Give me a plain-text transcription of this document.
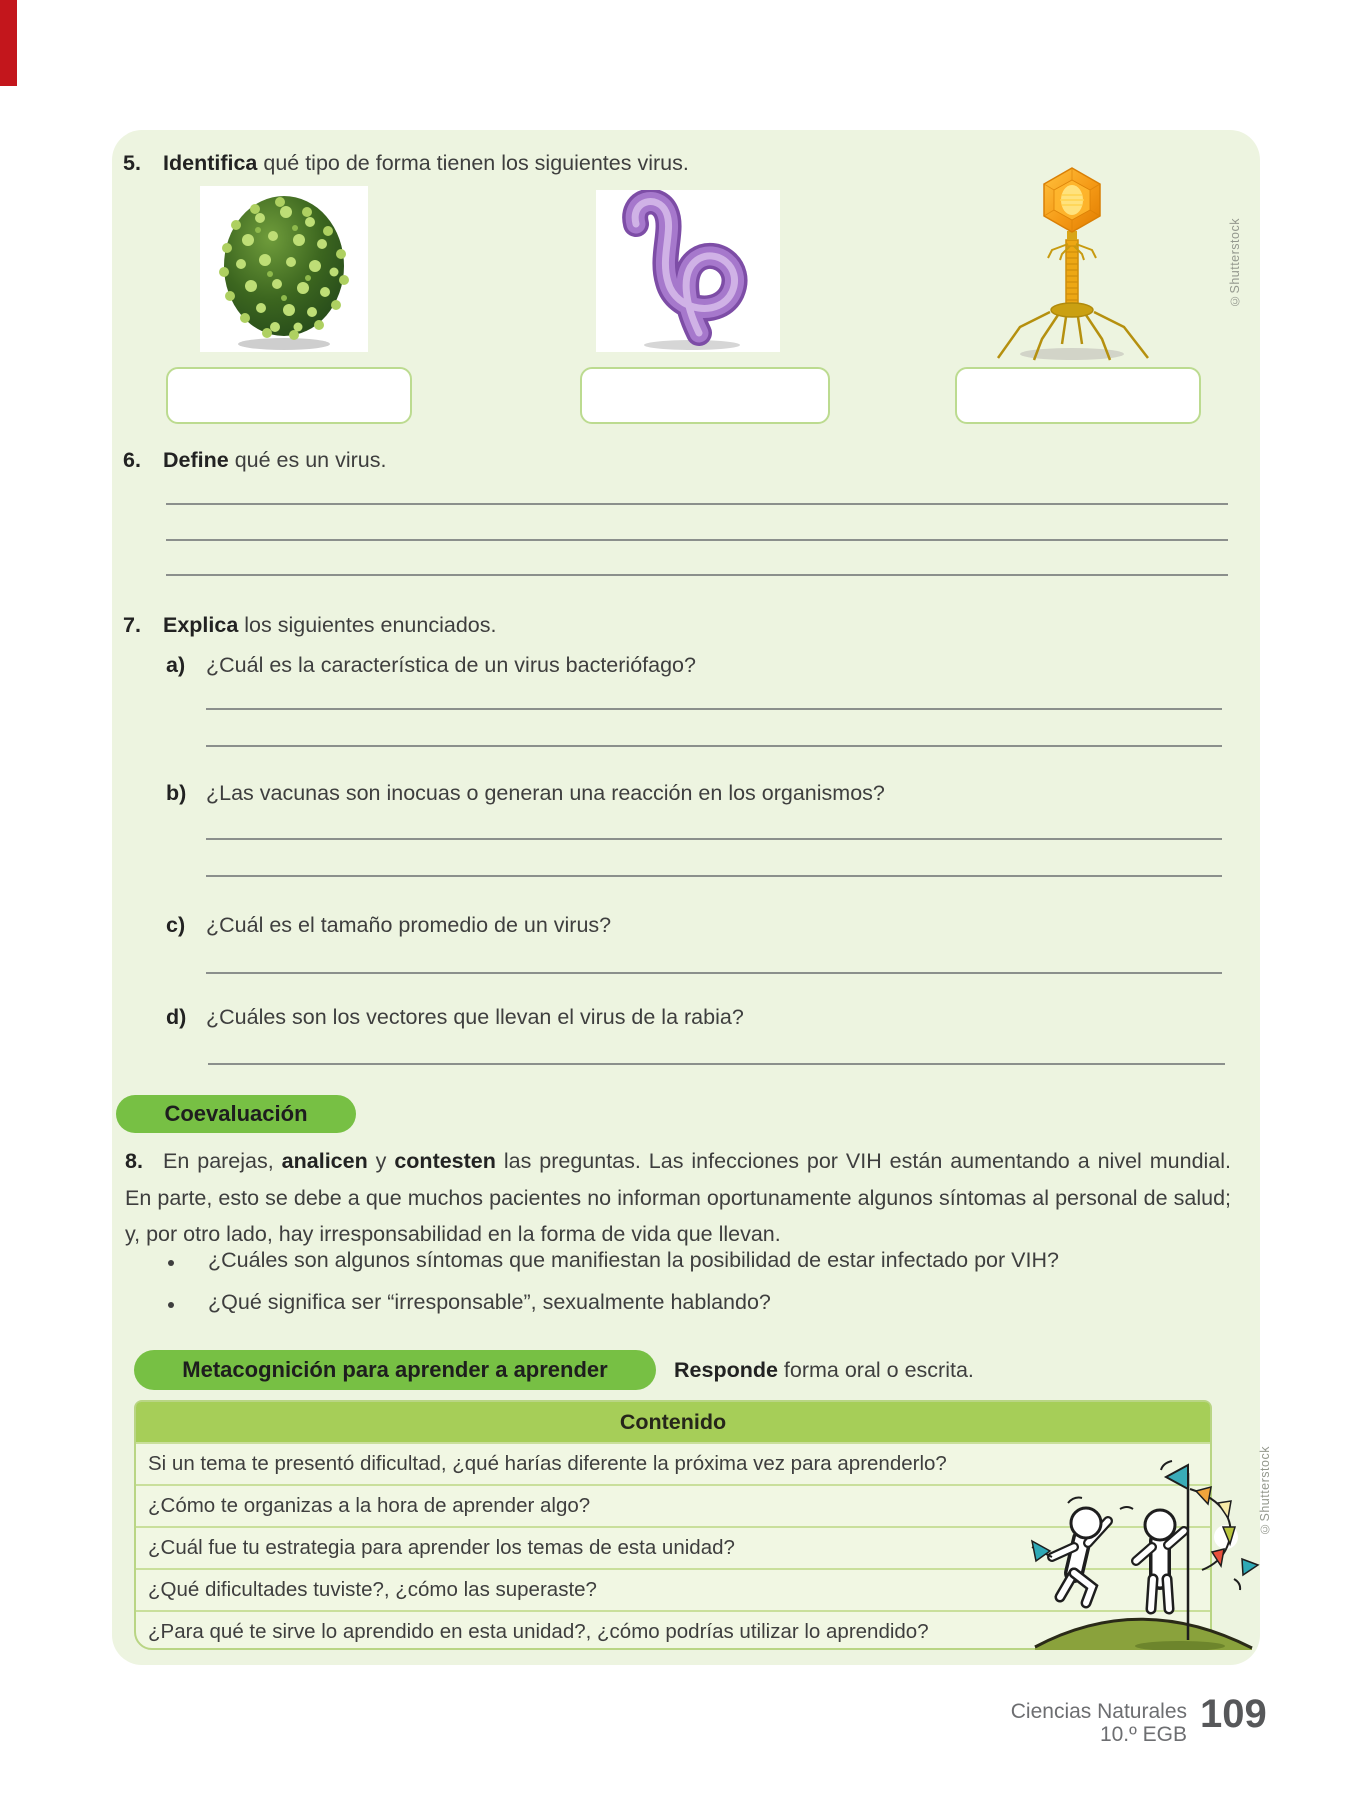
5. Identifica qué tipo de forma tienen los siguientes virus.
6. Define qué es un virus.
7. Explica los siguientes enunciados.
a) ¿Cuál es la característica de un virus bacteriófago?
b) ¿Las vacunas son inocuas o generan una reacción en los organismos?
c) ¿Cuál es el tamaño promedio de un virus?
d) ¿Cuáles son los vectores que llevan el virus de la rabia?
Coevaluación
8. En parejas, analicen y contesten las preguntas. Las infecciones por VIH están aumentando a nivel mundial. En parte, esto se debe a que muchos pacientes no informan oportunamente algunos síntomas al personal de salud; y, por otro lado, hay irresponsabilidad en la forma de vida que llevan.
¿Cuáles son algunos síntomas que manifiestan la posibilidad de estar infectado por VIH?
¿Qué significa ser “irresponsable”, sexualmente hablando?
Metacognición para aprender a aprender	Responde forma oral o escrita.
Contenido
Si un tema te presentó dificultad, ¿qué harías diferente la próxima vez para aprenderlo?
¿Cómo te organizas a la hora de aprender algo?
¿Cuál fue tu estrategia para aprender los temas de esta unidad?
¿Qué dificultades tuviste?, ¿cómo las superaste?
¿Para qué te sirve lo aprendido en esta unidad?, ¿cómo podrías utilizar lo aprendido?
©Shutterstock
©Shutterstock
Ciencias Naturales
10.º EGB 109
